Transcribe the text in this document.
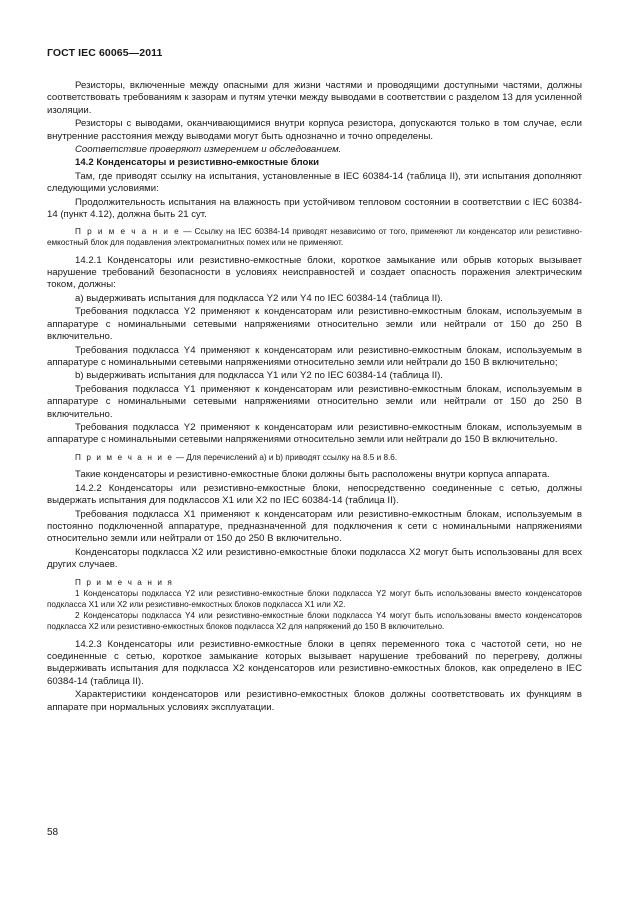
ГОСТ IEC 60065—2011

Резисторы, включенные между опасными для жизни частями и проводящими доступными частями, должны соответствовать требованиям к зазорам и путям утечки между выводами в соответствии с разделом 13 для усиленной изоляции.

Резисторы с выводами, оканчивающимися внутри корпуса резистора, допускаются только в том случае, если внутренние расстояния между выводами могут быть однозначно и точно определены.

Соответствие проверяют измерением и обследованием.

14.2 Конденсаторы и резистивно-емкостные блоки

Там, где приводят ссылку на испытания, установленные в IEC 60384-14 (таблица II), эти испытания дополняют следующими условиями:

Продолжительность испытания на влажность при устойчивом тепловом состоянии в соответствии с IEC 60384-14 (пункт 4.12), должна быть 21 сут.

П р и м е ч а н и е — Ссылку на IEC 60384-14 приводят независимо от того, применяют ли конденсатор или резистивно-емкостный блок для подавления электромагнитных помех или не применяют.

14.2.1 Конденсаторы или резистивно-емкостные блоки, короткое замыкание или обрыв которых вызывает нарушение требований безопасности в условиях неисправностей и создает опасность поражения электрическим током, должны:

а) выдерживать испытания для подкласса Y2 или Y4 по IEC 60384-14 (таблица II).

Требования подкласса Y2 применяют к конденсаторам или резистивно-емкостным блокам, используемым в аппаратуре с номинальными сетевыми напряжениями относительно земли или нейтрали от 150 до 250 В включительно.

Требования подкласса Y4 применяют к конденсаторам или резистивно-емкостным блокам, используемым в аппаратуре с номинальными сетевыми напряжениями относительно земли или нейтрали до 150 В включительно;

b) выдерживать испытания для подкласса Y1 или Y2 по IEC 60384-14 (таблица II).

Требования подкласса Y1 применяют к конденсаторам или резистивно-емкостным блокам, используемым в аппаратуре с номинальными сетевыми напряжениями относительно земли или нейтрали от 150 до 250 В включительно.

Требования подкласса Y2 применяют к конденсаторам или резистивно-емкостным блокам, используемым в аппаратуре с номинальными сетевыми напряжениями относительно земли или нейтрали до 150 В включительно.

П р и м е ч а н и е — Для перечислений а) и b) приводят ссылку на 8.5 и 8.6.

Такие конденсаторы и резистивно-емкостные блоки должны быть расположены внутри корпуса аппарата.

14.2.2 Конденсаторы или резистивно-емкостные блоки, непосредственно соединенные с сетью, должны выдержать испытания для подклассов Х1 или Х2 по IEC 60384-14 (таблица II).

Требования подкласса Х1 применяют к конденсаторам или резистивно-емкостным блокам, используемым в постоянно подключенной аппаратуре, предназначенной для подключения к сети с номинальными напряжениями относительно земли или нейтрали от 150 до 250 В включительно.

Конденсаторы подкласса Х2 или резистивно-емкостные блоки подкласса Х2 могут быть использованы для всех других случаев.

П р и м е ч а н и я

1 Конденсаторы подкласса Y2 или резистивно-емкостные блоки подкласса Y2 могут быть использованы вместо конденсаторов подкласса Х1 или Х2 или резистивно-емкостных блоков подкласса Х1 или Х2.

2 Конденсаторы подкласса Y4 или резистивно-емкостные блоки подкласса Y4 могут быть использованы вместо конденсаторов подкласса Х2 или резистивно-емкостных блоков подкласса Х2 для напряжений до 150 В включительно.

14.2.3 Конденсаторы или резистивно-емкостные блоки в цепях переменного тока с частотой сети, но не соединенные с сетью, короткое замыкание которых вызывает нарушение требований по перегреву, должны выдерживать испытания для подкласса Х2 конденсаторов или резистивно-емкостных блоков, как определено в IEC 60384-14 (таблица II).

Характеристики конденсаторов или резистивно-емкостных блоков должны соответствовать их функциям в аппарате при нормальных условиях эксплуатации.

58
